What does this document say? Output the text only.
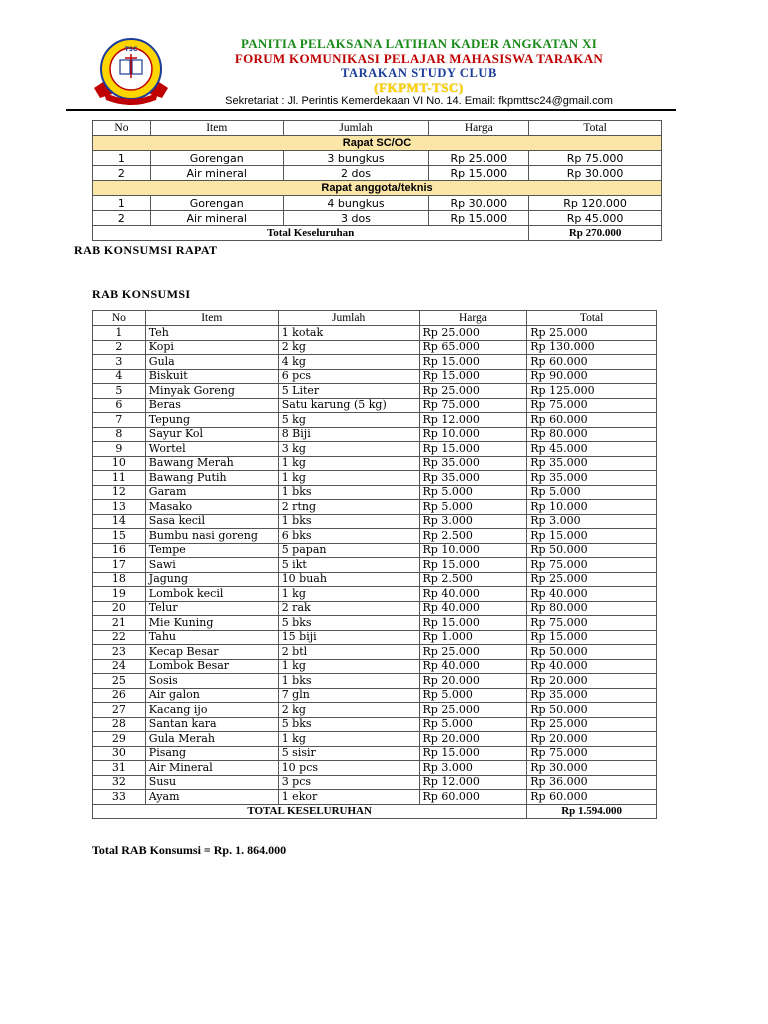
TSC	PANITIA PELAKSANA LATIHAN KADER ANGKATAN XI
FORUM KOMUNIKASI PELAJAR MAHASISWA TARAKAN
TARAKAN STUDY CLUB
(FKPMT-TSC)
Sekretariat : Jl. Perintis Kemerdekaan VI No. 14. Email: fkpmttsc24@gmail.com
No	Item	Jumlah	Harga	Total
Rapat SC/OC				
1	Gorengan	3 bungkus	Rp 25.000	Rp 75.000
2	Air mineral	2 dos	Rp 15.000	Rp 30.000
Rapat anggota/teknis				
1	Gorengan	4 bungkus	Rp 30.000	Rp 120.000
2	Air mineral	3 dos	Rp 15.000	Rp 45.000
Total Keseluruhan				Rp 270.000
RAB KONSUMSI RAPAT
RAB KONSUMSI
No	Item	Jumlah	Harga	Total
1	Teh	1 kotak	Rp 25.000	Rp 25.000
2	Kopi	2 kg	Rp 65.000	Rp 130.000
3	Gula	4 kg	Rp 15.000	Rp 60.000
4	Biskuit	6 pcs	Rp 15.000	Rp 90.000
5	Minyak Goreng	5 Liter	Rp 25.000	Rp 125.000
6	Beras	Satu karung (5 kg)	Rp 75.000	Rp 75.000
7	Tepung	5 kg	Rp 12.000	Rp 60.000
8	Sayur Kol	8 Biji	Rp 10.000	Rp 80.000
9	Wortel	3 kg	Rp 15.000	Rp 45.000
10	Bawang Merah	1 kg	Rp 35.000	Rp 35.000
11	Bawang Putih	1 kg	Rp 35.000	Rp 35.000
12	Garam	1 bks	Rp 5.000	Rp 5.000
13	Masako	2 rtng	Rp 5.000	Rp 10.000
14	Sasa kecil	1 bks	Rp 3.000	Rp 3.000
15	Bumbu nasi goreng	6 bks	Rp 2.500	Rp 15.000
16	Tempe	5 papan	Rp 10.000	Rp 50.000
17	Sawi	5 ikt	Rp 15.000	Rp 75.000
18	Jagung	10 buah	Rp 2.500	Rp 25.000
19	Lombok kecil	1 kg	Rp 40.000	Rp 40.000
20	Telur	2 rak	Rp 40.000	Rp 80.000
21	Mie Kuning	5 bks	Rp 15.000	Rp 75.000
22	Tahu	15 biji	Rp 1.000	Rp 15.000
23	Kecap Besar	2 btl	Rp 25.000	Rp 50.000
24	Lombok Besar	1 kg	Rp 40.000	Rp 40.000
25	Sosis	1 bks	Rp 20.000	Rp 20.000
26	Air galon	7 gln	Rp 5.000	Rp 35.000
27	Kacang ijo	2 kg	Rp 25.000	Rp 50.000
28	Santan kara	5 bks	Rp 5.000	Rp 25.000
29	Gula Merah	1 kg	Rp 20.000	Rp 20.000
30	Pisang	5 sisir	Rp 15.000	Rp 75.000
31	Air Mineral	10 pcs	Rp 3.000	Rp 30.000
32	Susu	3 pcs	Rp 12.000	Rp 36.000
33	Ayam	1 ekor	Rp 60.000	Rp 60.000
TOTAL KESELURUHAN				Rp 1.594.000
Total RAB Konsumsi = Rp. 1. 864.000
